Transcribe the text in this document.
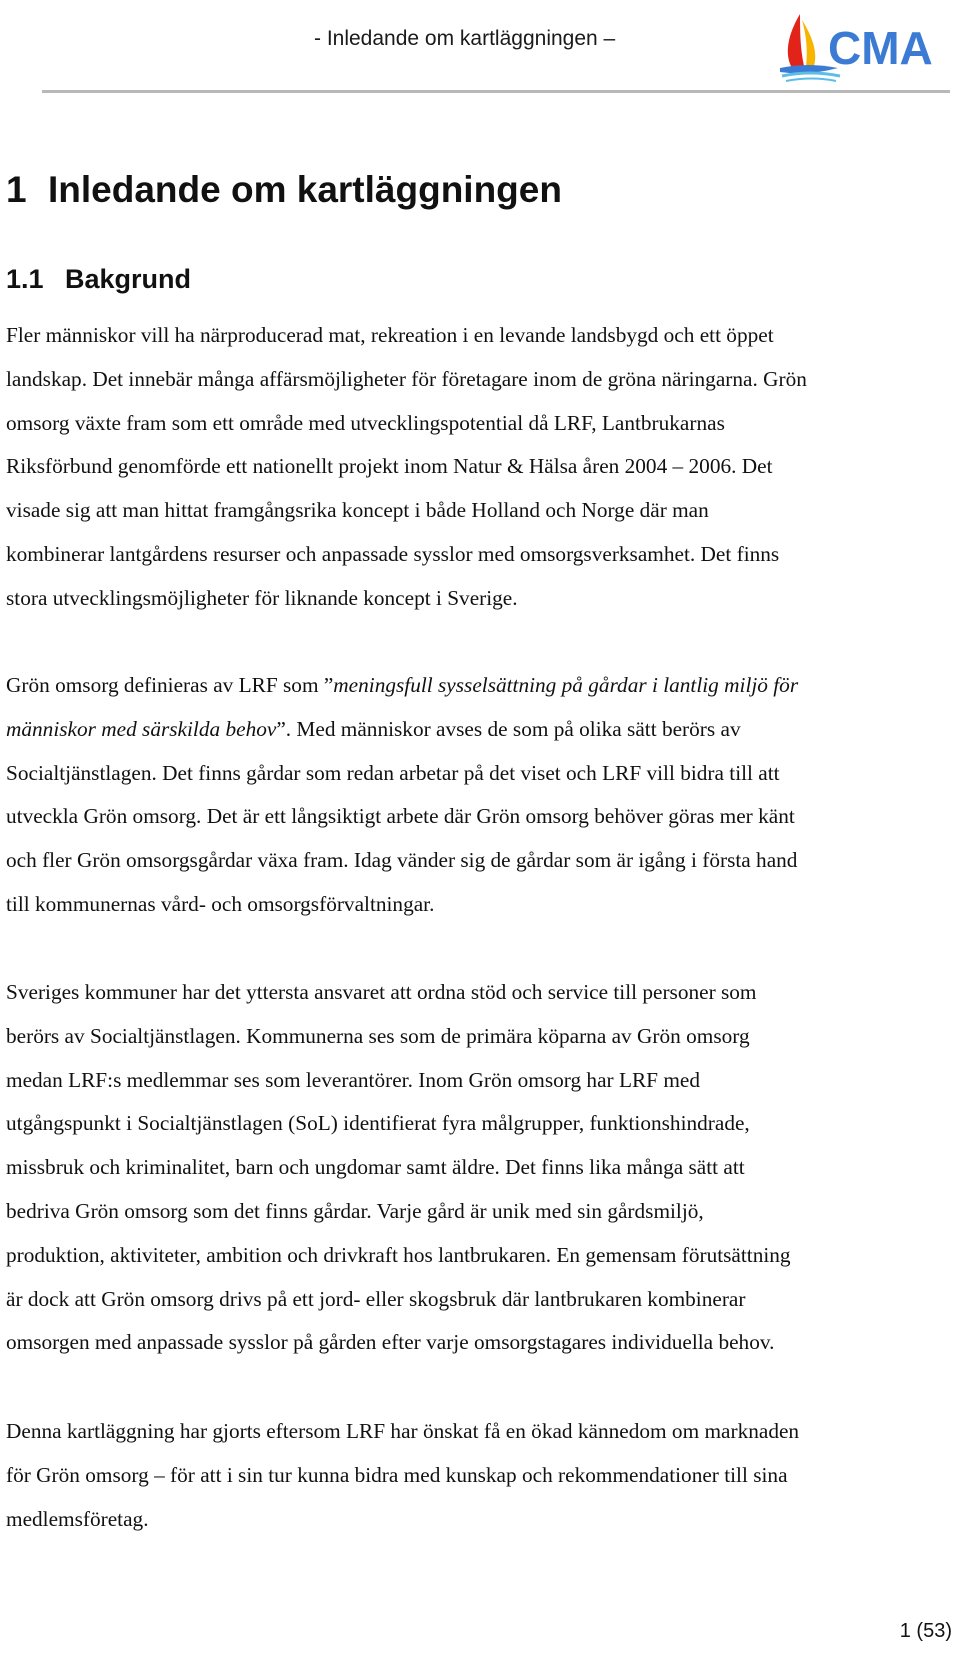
- Inledande om kartläggningen –	CMA
1 Inledande om kartläggningen
1.1 Bakgrund
Fler människor vill ha närproducerad mat, rekreation i en levande landsbygd och ett öppet
landskap. Det innebär många affärsmöjligheter för företagare inom de gröna näringarna. Grön
omsorg växte fram som ett område med utvecklingspotential då LRF, Lantbrukarnas
Riksförbund genomförde ett nationellt projekt inom Natur & Hälsa åren 2004 – 2006. Det
visade sig att man hittat framgångsrika koncept i både Holland och Norge där man
kombinerar lantgårdens resurser och anpassade sysslor med omsorgsverksamhet. Det finns
stora utvecklingsmöjligheter för liknande koncept i Sverige.
Grön omsorg definieras av LRF som ”meningsfull sysselsättning på gårdar i lantlig miljö för
människor med särskilda behov”. Med människor avses de som på olika sätt berörs av
Socialtjänstlagen. Det finns gårdar som redan arbetar på det viset och LRF vill bidra till att
utveckla Grön omsorg. Det är ett långsiktigt arbete där Grön omsorg behöver göras mer känt
och fler Grön omsorgsgårdar växa fram. Idag vänder sig de gårdar som är igång i första hand
till kommunernas vård- och omsorgsförvaltningar.
Sveriges kommuner har det yttersta ansvaret att ordna stöd och service till personer som
berörs av Socialtjänstlagen. Kommunerna ses som de primära köparna av Grön omsorg
medan LRF:s medlemmar ses som leverantörer. Inom Grön omsorg har LRF med
utgångspunkt i Socialtjänstlagen (SoL) identifierat fyra målgrupper, funktionshindrade,
missbruk och kriminalitet, barn och ungdomar samt äldre. Det finns lika många sätt att
bedriva Grön omsorg som det finns gårdar. Varje gård är unik med sin gårdsmiljö,
produktion, aktiviteter, ambition och drivkraft hos lantbrukaren. En gemensam förutsättning
är dock att Grön omsorg drivs på ett jord- eller skogsbruk där lantbrukaren kombinerar
omsorgen med anpassade sysslor på gården efter varje omsorgstagares individuella behov.
Denna kartläggning har gjorts eftersom LRF har önskat få en ökad kännedom om marknaden
för Grön omsorg – för att i sin tur kunna bidra med kunskap och rekommendationer till sina
medlemsföretag.
1 (53)
